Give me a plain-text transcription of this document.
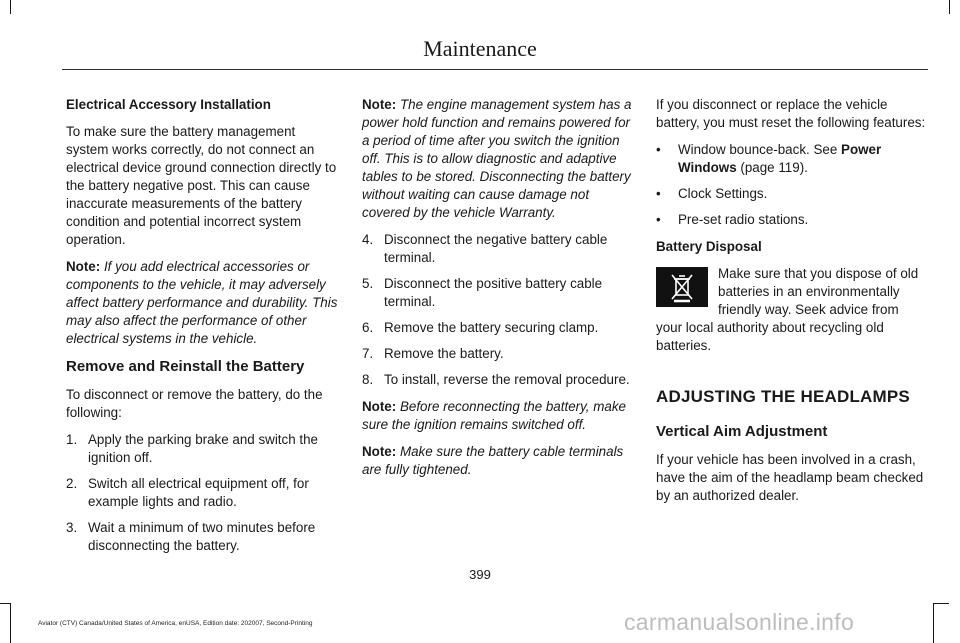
Maintenance

Electrical Accessory Installation

To make sure the battery management system works correctly, do not connect an electrical device ground connection directly to the battery negative post. This can cause inaccurate measurements of the battery condition and potential incorrect system operation.

Note: If you add electrical accessories or components to the vehicle, it may adversely affect battery performance and durability. This may also affect the performance of other electrical systems in the vehicle.

Remove and Reinstall the Battery

To disconnect or remove the battery, do the following:

1. Apply the parking brake and switch the ignition off.
2. Switch all electrical equipment off, for example lights and radio.
3. Wait a minimum of two minutes before disconnecting the battery.

Note: The engine management system has a power hold function and remains powered for a period of time after you switch the ignition off. This is to allow diagnostic and adaptive tables to be stored. Disconnecting the battery without waiting can cause damage not covered by the vehicle Warranty.

4. Disconnect the negative battery cable terminal.
5. Disconnect the positive battery cable terminal.
6. Remove the battery securing clamp.
7. Remove the battery.
8. To install, reverse the removal procedure.

Note: Before reconnecting the battery, make sure the ignition remains switched off.

Note: Make sure the battery cable terminals are fully tightened.

If you disconnect or replace the vehicle battery, you must reset the following features:

• Window bounce-back. See Power Windows (page 119).
• Clock Settings.
• Pre-set radio stations.

Battery Disposal

Make sure that you dispose of old batteries in an environmentally friendly way. Seek advice from your local authority about recycling old batteries.

ADJUSTING THE HEADLAMPS
Vertical Aim Adjustment

If your vehicle has been involved in a crash, have the aim of the headlamp beam checked by an authorized dealer.

399
Aviator (CTV) Canada/United States of America, enUSA, Edition date: 202007, Second-Printing	carmanualsonline.info
